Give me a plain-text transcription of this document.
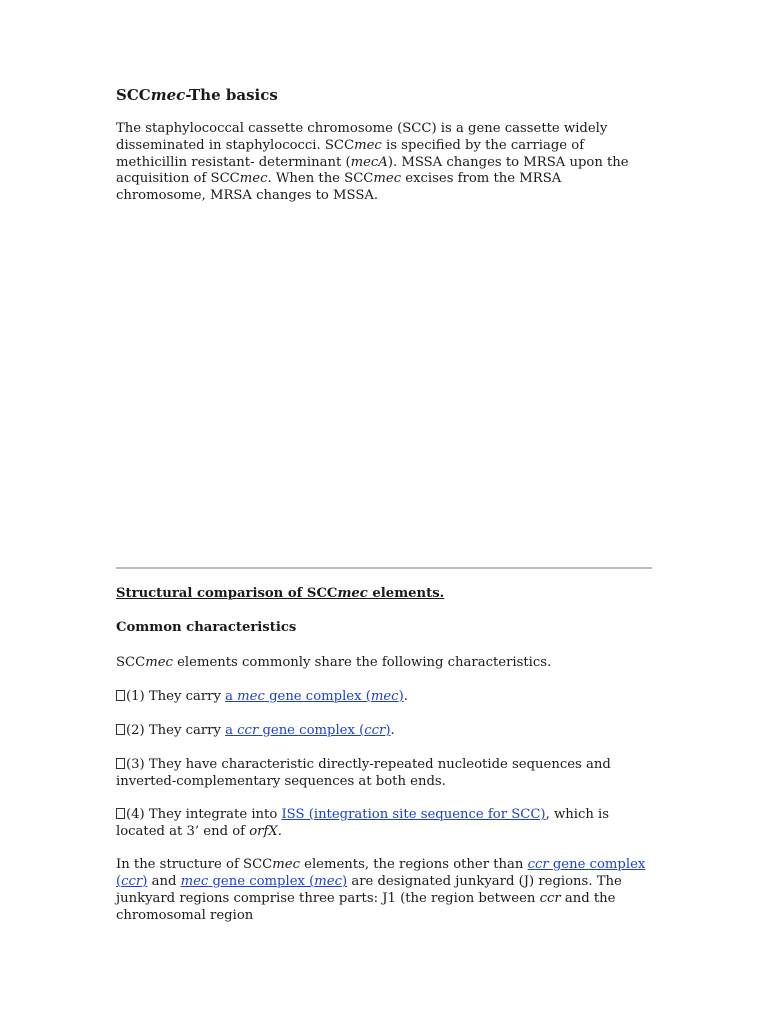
SCCmec-The basics

The staphylococcal cassette chromosome (SCC) is a gene cassette widely disseminated in staphylococci. SCCmec is specified by the carriage of methicillin resistant- determinant (mecA). MSSA changes to MRSA upon the acquisition of SCCmec. When the SCCmec excises from the MRSA chromosome, MRSA changes to MSSA.

Structural comparison of SCCmec elements.

Common characteristics

SCCmec elements commonly share the following characteristics.

(1) They carry a mec gene complex (mec).

(2) They carry a ccr gene complex (ccr).

(3) They have characteristic directly-repeated nucleotide sequences and inverted-complementary sequences at both ends.

(4) They integrate into ISS (integration site sequence for SCC), which is located at 3’ end of orfX.

In the structure of SCCmec elements, the regions other than ccr gene complex (ccr) and mec gene complex (mec) are designated junkyard (J) regions. The junkyard regions comprise three parts: J1 (the region between ccr and the chromosomal region
